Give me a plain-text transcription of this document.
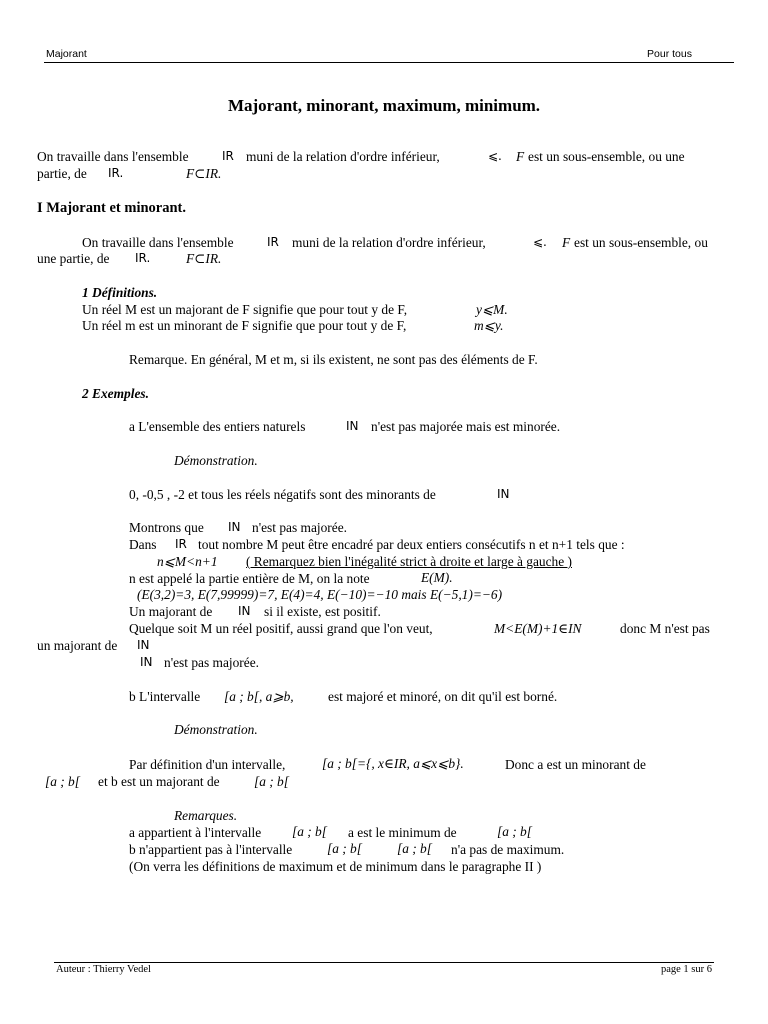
Majorant	Pour tous
Majorant, minorant, maximum, minimum.
On travaille dans l'ensemble	IR muni de la relation d'ordre inférieur,	⩽. F est un sous-ensemble, ou une
partie, de IR.	F⊂IR.
I Majorant et minorant.
On travaille dans l'ensemble	IR muni de la relation d'ordre inférieur,	⩽. F est un sous-ensemble, ou
une partie, de IR.	F⊂IR.
1 Définitions.
Un réel M est un majorant de F signifie que pour tout y de F,	y⩽M.
Un réel m est un minorant de F signifie que pour tout y de F,	m⩽y.
Remarque. En général, M et m, si ils existent, ne sont pas des éléments de F.
2 Exemples.
a L'ensemble des entiers naturels	IN n'est pas majorée mais est minorée.
Démonstration.
0, -0,5 , -2 et tous les réels négatifs sont des minorants de	IN
Montrons que IN n'est pas majorée.
Dans IR tout nombre M peut être encadré par deux entiers consécutifs n et n+1 tels que :
n⩽M<n+1 ( Remarquez bien l'inégalité strict à droite et large à gauche )
n est appelé la partie entière de M, on la note	E(M).
(E(3,2)=3, E(7,99999)=7, E(4)=4, E(−10)=−10 mais E(−5,1)=−6)
Un majorant de IN si il existe, est positif.
Quelque soit M un réel positif, aussi grand que l'on veut,	M<E(M)+1∈IN	donc M n'est pas
un majorant de IN
IN n'est pas majorée.
b L'intervalle [a ; b[, a⩾b,	est majoré et minoré, on dit qu'il est borné.
Démonstration.
Par définition d'un intervalle,	[a ; b[={, x∈IR, a⩽x⩽b}.	Donc a est un minorant de
[a ; b[ et b est un majorant de	[a ; b[
Remarques.
a appartient à l'intervalle [a ; b[ a est le minimum de	[a ; b[
b n'appartient pas à l'intervalle	[a ; b[	[a ; b[ n'a pas de maximum.
(On verra les définitions de maximum et de minimum dans le paragraphe II )
Auteur : Thierry Vedel	page 1 sur 6
